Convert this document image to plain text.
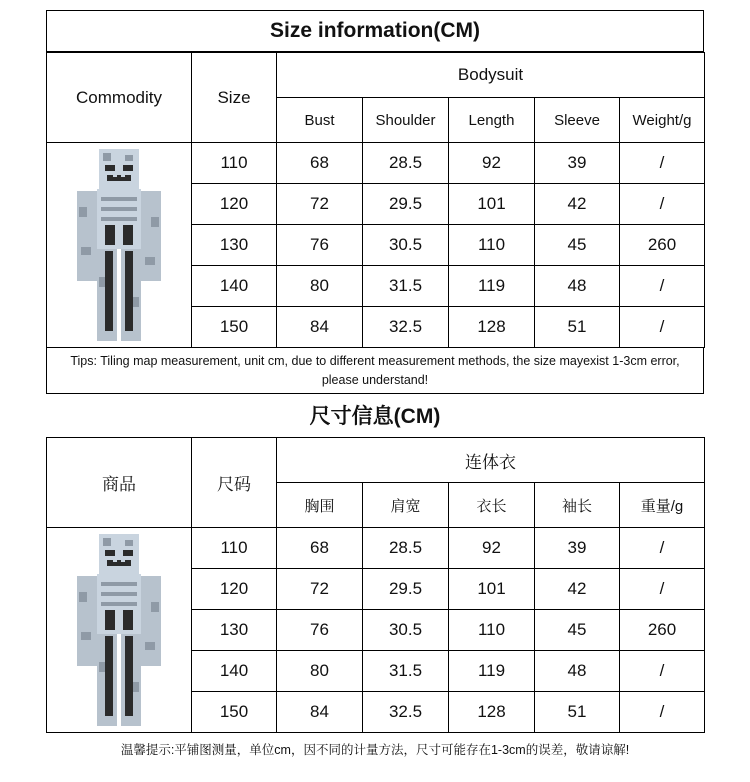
Size information(CM)
Commodity	Size	Bodysuit				
		Bust	Shoulder	Length	Sleeve	Weight/g

	110	68	28.5	92	39	/
	120	72	29.5	101	42	/
	130	76	30.5	110	45	260
	140	80	31.5	119	48	/
	150	84	32.5	128	51	/
Tips: Tiling map measurement, unit cm, due to different measurement methods, the size mayexist 1-3cm error,
please understand!
尺寸信息(CM)
商品	尺码	连体衣				
		胸围	肩宽	衣长	袖长	重量/g

	110	68	28.5	92	39	/
	120	72	29.5	101	42	/
	130	76	30.5	110	45	260
	140	80	31.5	119	48	/
	150	84	32.5	128	51	/
温馨提示:平铺图测量，单位cm，因不同的计量方法，尺寸可能存在1-3cm的误差，敬请谅解!
